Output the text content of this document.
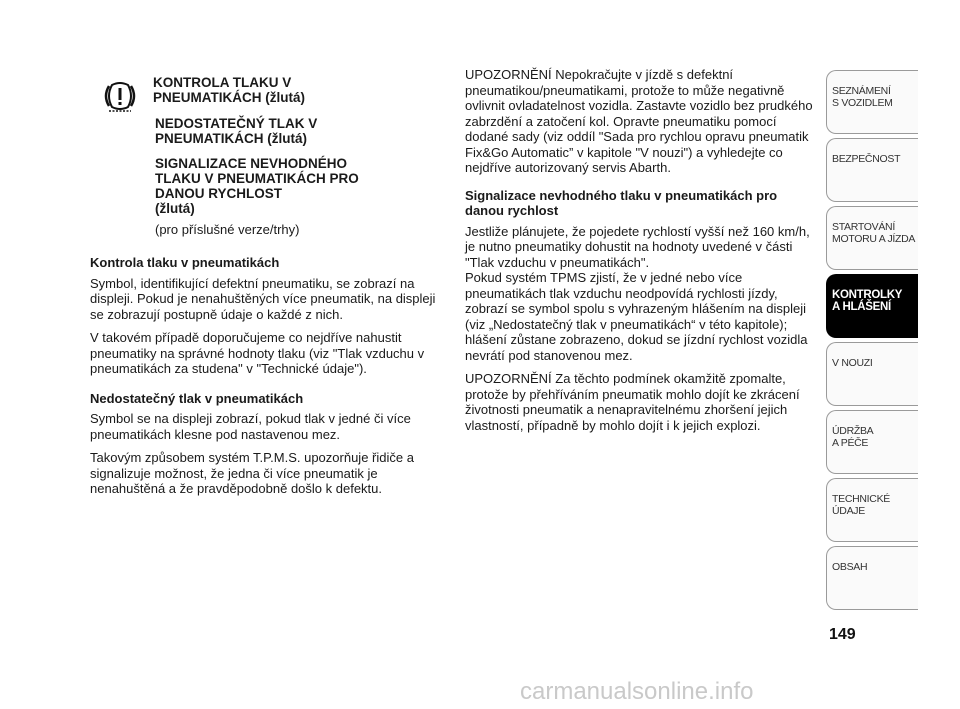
KONTROLA TLAKU V
PNEUMATIKÁCH (žlutá)
NEDOSTATEČNÝ TLAK V
PNEUMATIKÁCH (žlutá)
SIGNALIZACE NEVHODNÉHO
TLAKU V PNEUMATIKÁCH PRO
DANOU RYCHLOST
(žlutá)
(pro příslušné verze/trhy)

Kontrola tlaku v pneumatikách

Symbol, identifikující defektní pneumatiku, se zobrazí na displeji. Pokud je nenahuštěných více pneumatik, na displeji se zobrazují postupně údaje o každé z nich.

V takovém případě doporučujeme co nejdříve nahustit pneumatiky na správné hodnoty tlaku (viz "Tlak vzduchu v pneumatikách za studena" v "Technické údaje").

Nedostatečný tlak v pneumatikách

Symbol se na displeji zobrazí, pokud tlak v jedné či více pneumatikách klesne pod nastavenou mez.

Takovým způsobem systém T.P.M.S. upozorňuje řidiče a signalizuje možnost, že jedna či více pneumatik je nenahuštěná a že pravděpodobně došlo k defektu.

UPOZORNĚNÍ Nepokračujte v jízdě s defektní pneumatikou/pneumatikami, protože to může negativně ovlivnit ovladatelnost vozidla. Zastavte vozidlo bez prudkého zabrzdění a zatočení kol. Opravte pneumatiku pomocí dodané sady (viz oddíl "Sada pro rychlou opravu pneumatik Fix&Go Automatic” v kapitole "V nouzi") a vyhledejte co nejdříve autorizovaný servis Abarth.

Signalizace nevhodného tlaku v pneumatikách pro danou rychlost

Jestliže plánujete, že pojedete rychlostí vyšší než 160 km/h, je nutno pneumatiky dohustit na hodnoty uvedené v části "Tlak vzduchu v pneumatikách".
Pokud systém TPMS zjistí, že v jedné nebo více pneumatikách tlak vzduchu neodpovídá rychlosti jízdy, zobrazí se symbol spolu s vyhrazeným hlášením na displeji (viz „Nedostatečný tlak v pneumatikách“ v této kapitole); hlášení zůstane zobrazeno, dokud se jízdní rychlost vozidla nevrátí pod stanovenou mez.

UPOZORNĚNÍ Za těchto podmínek okamžitě zpomalte, protože by přehříváním pneumatik mohlo dojít ke zkrácení životnosti pneumatik a nenapravitelnému zhoršení jejich vlastností, případně by mohlo dojít i k jejich explozi.

SEZNÁMENÍ
S VOZIDLEM
BEZPEČNOST
STARTOVÁNÍ
MOTORU A JÍZDA
KONTROLKY
A HLÁŠENÍ
V NOUZI
ÚDRŽBA
A PÉČE
TECHNICKÉ
ÚDAJE
OBSAH
149
carmanualsonline.info
